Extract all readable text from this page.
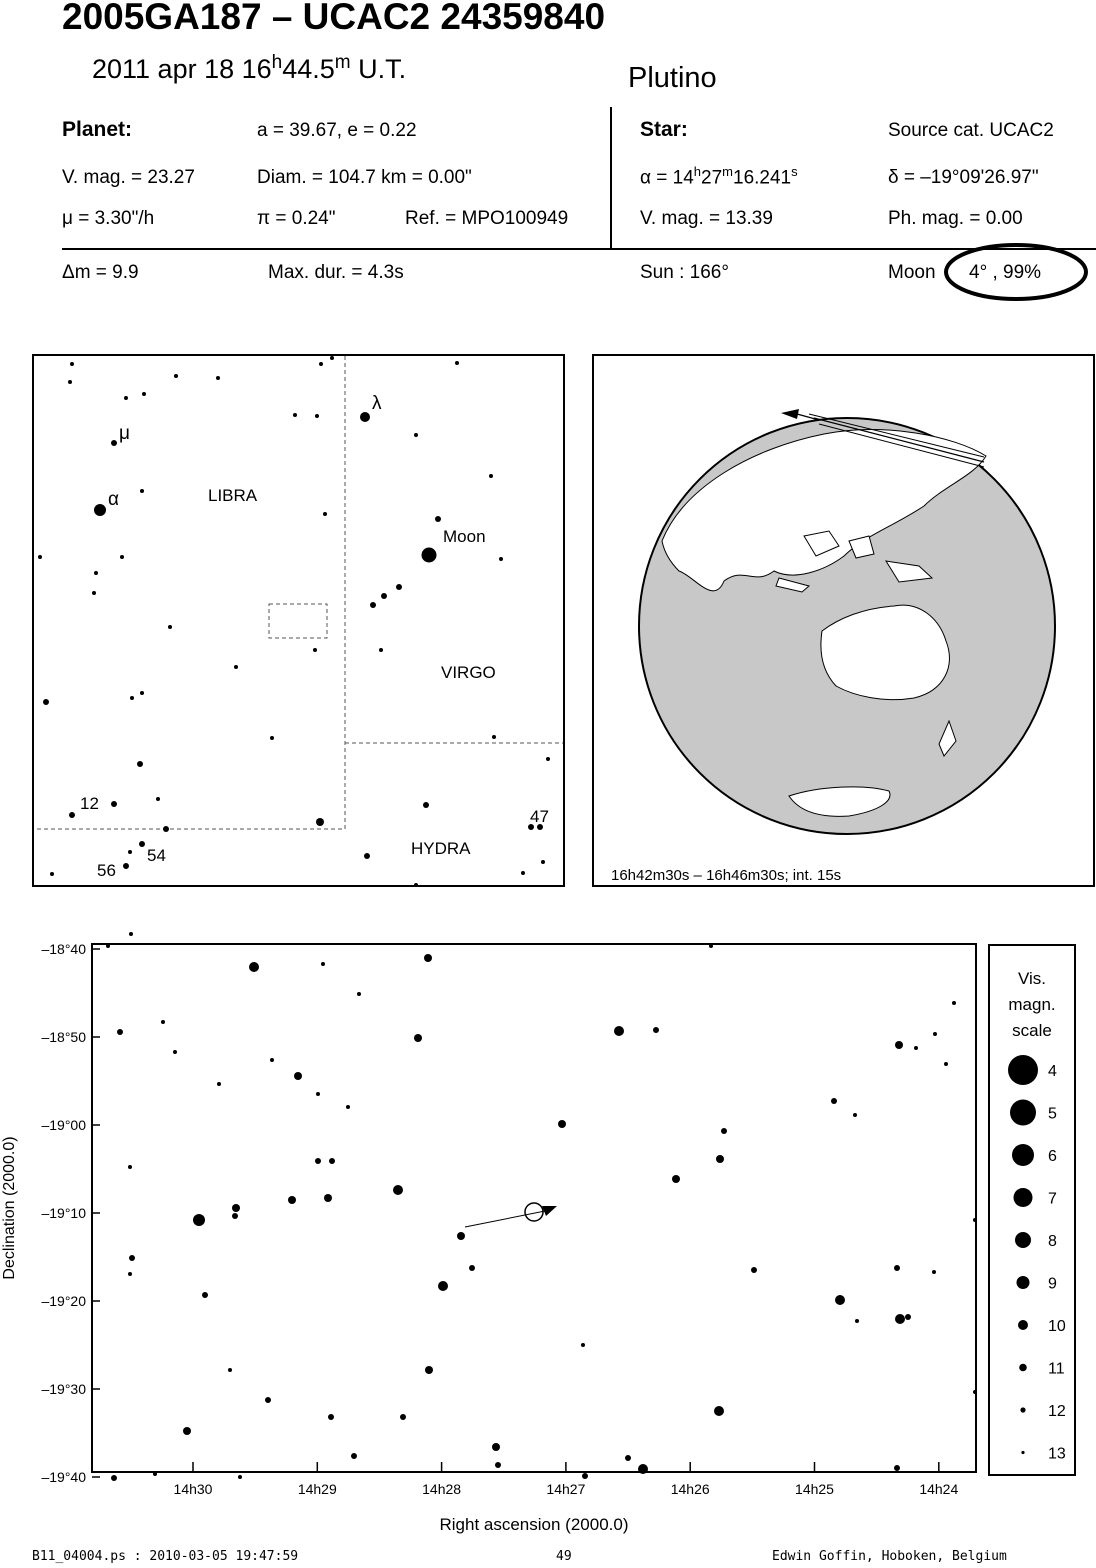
2005GA187 – UCAC2 24359840
2011 apr 18 16$^h$44.5$^m$ U.T.	Plutino
Planet:	a = 39.67, e = 0.22
V. mag. = 23.27	Diam. = 104.7 km = 0.00"
μ = 3.30"/h	π = 0.24"	Ref. = MPO100949
Star:	Source cat. UCAC2
$\alpha = 14^h27^m16.241^s$	δ = –19°09'26.97"
V. mag. = 13.39	Ph. mag. = 0.00
Δm = 9.9	Max. dur. = 4.3s	Sun : 166°	Moon 4° , 99%
μ
α
λ
LIBRA
VIRGO
HYDRA
Moon
12
54
56
47
16h42m30s – 16h46m30s; int. 15s
–18°40
–18°50
–19°00
–19°10
–19°20
–19°30
–19°40
14h30	14h29	14h28	14h27	14h26	14h25	14h24
Right ascension (2000.0)
Declination (2000.0)
Vis.
magn.
scale
4
5
6
7
8
9
10
11
12
13
B11_04004.ps : 2010-03-05 19:47:59	49	Edwin Goffin, Hoboken, Belgium
